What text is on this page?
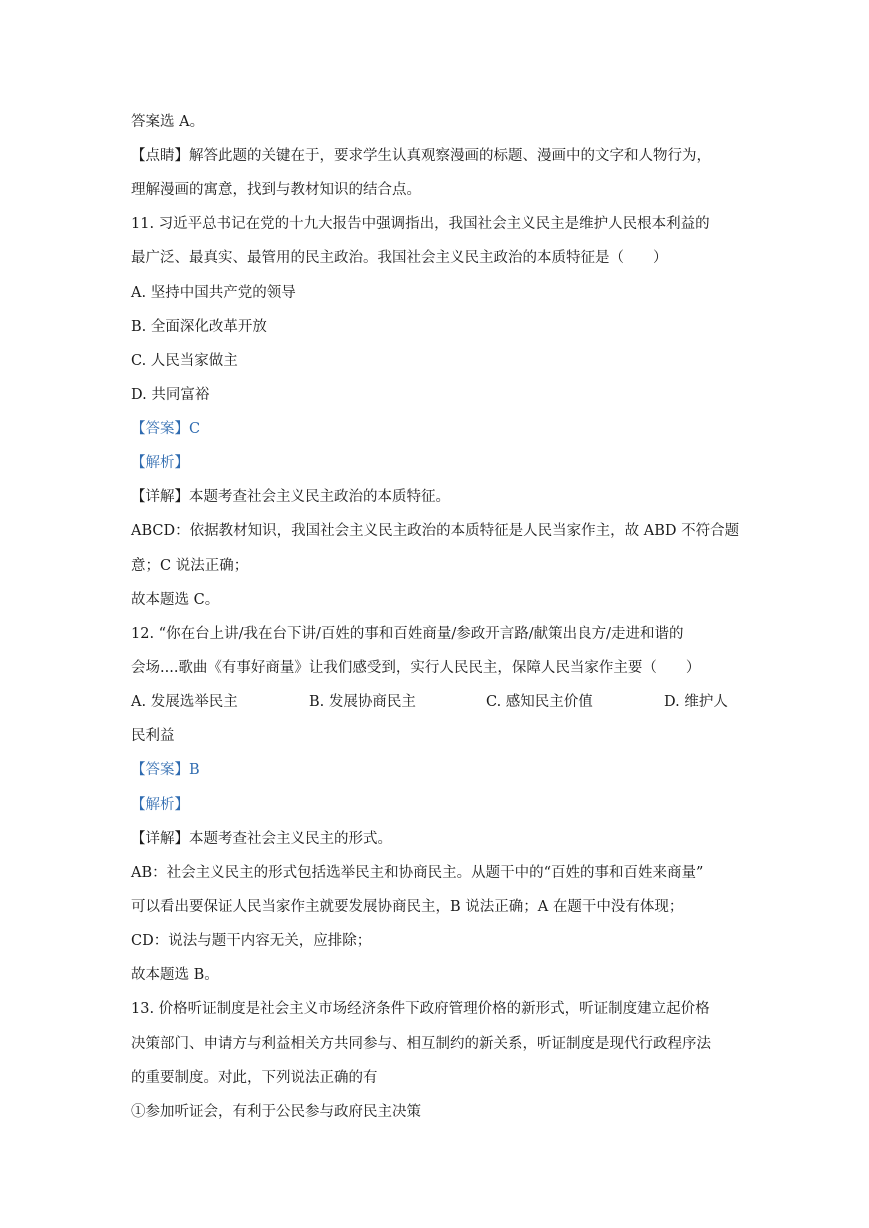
答案选 A。
【点睛】解答此题的关键在于，要求学生认真观察漫画的标题、漫画中的文字和人物行为，
理解漫画的寓意，找到与教材知识的结合点。
11. 习近平总书记在党的十九大报告中强调指出，我国社会主义民主是维护人民根本利益的
最广泛、最真实、最管用的民主政治。我国社会主义民主政治的本质特征是（　　）
A. 坚持中国共产党的领导
B. 全面深化改革开放
C. 人民当家做主
D. 共同富裕
【答案】C
【解析】
【详解】本题考查社会主义民主政治的本质特征。
ABCD：依据教材知识，我国社会主义民主政治的本质特征是人民当家作主，故 ABD 不符合题
意；C 说法正确；
故本题选 C。
12. “你在台上讲/我在台下讲/百姓的事和百姓商量/参政开言路/献策出良方/走进和谐的
会场....歌曲《有事好商量》让我们感受到，实行人民民主，保障人民当家作主要（　　）
A. 发展选举民主	B. 发展协商民主	C. 感知民主价值	D. 维护人
民利益
【答案】B
【解析】
【详解】本题考查社会主义民主的形式。
AB：社会主义民主的形式包括选举民主和协商民主。从题干中的“百姓的事和百姓来商量”
可以看出要保证人民当家作主就要发展协商民主，B 说法正确；A 在题干中没有体现；
CD：说法与题干内容无关，应排除；
故本题选 B。
13. 价格听证制度是社会主义市场经济条件下政府管理价格的新形式，听证制度建立起价格
决策部门、申请方与利益相关方共同参与、相互制约的新关系，听证制度是现代行政程序法
的重要制度。对此，下列说法正确的有
①参加听证会，有利于公民参与政府民主决策
